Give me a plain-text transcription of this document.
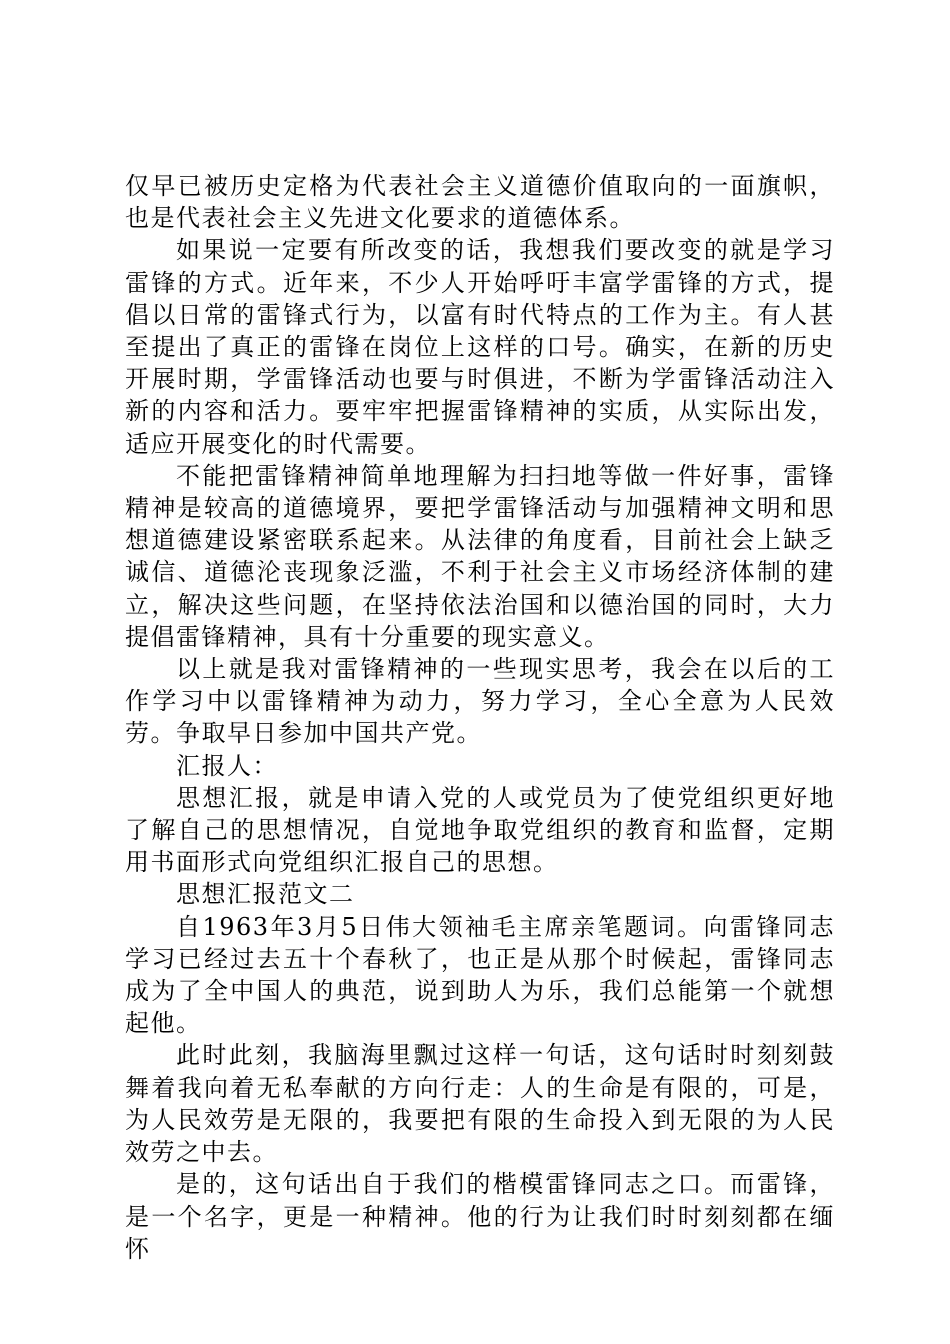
仅早已被历史定格为代表社会主义道德价值取向的一面旗帜，也是代表社会主义先进文化要求的道德体系。

如果说一定要有所改变的话，我想我们要改变的就是学习雷锋的方式。近年来，不少人开始呼吁丰富学雷锋的方式，提倡以日常的雷锋式行为，以富有时代特点的工作为主。有人甚至提出了真正的雷锋在岗位上这样的口号。确实，在新的历史开展时期，学雷锋活动也要与时俱进，不断为学雷锋活动注入新的内容和活力。要牢牢把握雷锋精神的实质，从实际出发，适应开展变化的时代需要。

不能把雷锋精神简单地理解为扫扫地等做一件好事，雷锋精神是较高的道德境界，要把学雷锋活动与加强精神文明和思想道德建设紧密联系起来。从法律的角度看，目前社会上缺乏诚信、道德沦丧现象泛滥，不利于社会主义市场经济体制的建立，解决这些问题，在坚持依法治国和以德治国的同时，大力提倡雷锋精神，具有十分重要的现实意义。

以上就是我对雷锋精神的一些现实思考，我会在以后的工作学习中以雷锋精神为动力，努力学习，全心全意为人民效劳。争取早日参加中国共产党。

汇报人：

思想汇报，就是申请入党的人或党员为了使党组织更好地了解自己的思想情况，自觉地争取党组织的教育和监督，定期用书面形式向党组织汇报自己的思想。

思想汇报范文二

自1963年3月5日伟大领袖毛主席亲笔题词。向雷锋同志学习已经过去五十个春秋了，也正是从那个时候起，雷锋同志成为了全中国人的典范，说到助人为乐，我们总能第一个就想起他。

此时此刻，我脑海里飘过这样一句话，这句话时时刻刻鼓舞着我向着无私奉献的方向行走：人的生命是有限的，可是，为人民效劳是无限的，我要把有限的生命投入到无限的为人民效劳之中去。

是的，这句话出自于我们的楷模雷锋同志之口。而雷锋，是一个名字，更是一种精神。他的行为让我们时时刻刻都在缅怀
